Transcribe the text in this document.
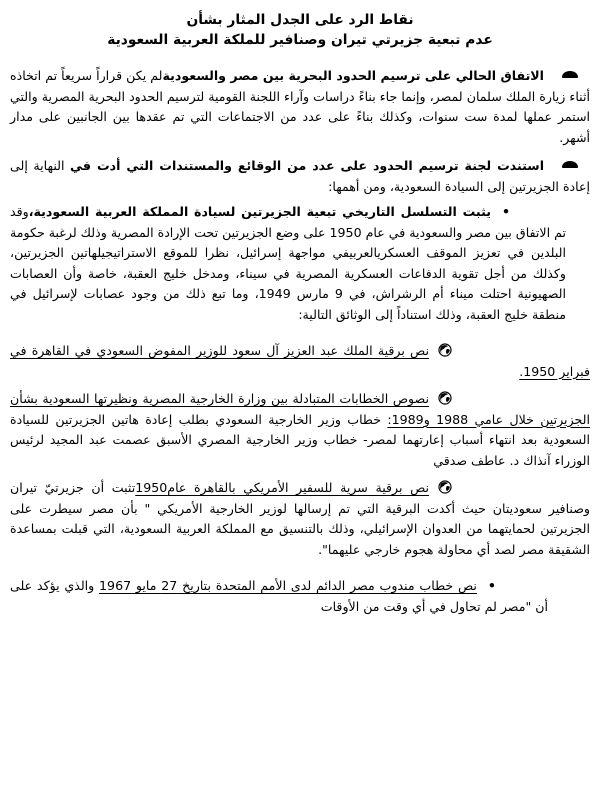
نقاط الرد على الجدل المثار بشأن
عدم تبعية جزيرتي تيران وصنافير للملكة العربية السعودية

الاتفاق الحالي على ترسيم الحدود البحرية بين مصر والسعوديةلم يكن قراراً سريعاً تم اتخاذه أثناء زيارة الملك سلمان لمصر، وإنما جاء بناءً دراسات وآراء اللجنة القومية لترسيم الحدود البحرية المصرية والتي استمر عملها لمدة ست سنوات، وكذلك بناءً على عدد من الاجتماعات التي تم عقدها بين الجانبين على مدار أشهر.

استندت لجنة ترسيم الحدود على عدد من الوقائع والمستندات التي أدت في النهاية إلى إعادة الجزيرتين إلى السيادة السعودية، ومن أهمها:

•يثبت التسلسل التاريخي تبعية الجزيرتين لسيادة المملكة العربية السعودية،وقد تم الاتفاق بين مصر والسعودية في عام 1950 على وضع الجزيرتين تحت الإرادة المصرية وذلك لرغبة حكومة البلدين في تعزيز الموقف العسكريالعربيفي مواجهة إسرائيل، نظرا للموقع الاستراتيجيلهاتين الجزيرتين، وكذلك من أجل تقوية الدفاعات العسكرية المصرية في سيناء، ومدخل خليج العقبة، خاصة وأن العصابات الصهيونية احتلت ميناء أم الرشراش، في 9 مارس 1949، وما تبع ذلك من وجود عصابات لإسرائيل في منطقة خليج العقبة، وذلك استناداً إلى الوثائق التالية:

نص برقية الملك عبد العزيز آل سعود للوزير المفوض السعودي في القاهرة في فبراير 1950.

نصوص الخطابات المتبادلة بين وزارة الخارجية المصرية ونظيرتها السعودية بشأن الجزيرتين خلال عامي 1988 و1989: خطاب وزير الخارجية السعودي بطلب إعادة هاتين الجزيرتين للسيادة السعودية بعد انتهاء أسباب إعارتهما لمصر- خطاب وزير الخارجية المصري الأسبق عصمت عبد المجيد لرئيس الوزراء آنذاك د. عاطف صدقي

نص برقية سرية للسفير الأمريكي بالقاهرة عام1950تثبت أن جزيرتيّ تيران وصنافير سعوديتان حيث أكدت البرقية التي تم إرسالها لوزير الخارجية الأمريكي " بأن مصر سيطرت على الجزيرتين لحمايتهما من العدوان الإسرائيلي، وذلك بالتنسيق مع المملكة العربية السعودية، التي قبلت بمساعدة الشقيقة مصر لصد أي محاولة هجوم خارجي عليهما".

•نص خطاب مندوب مصر الدائم لدى الأمم المتحدة بتاريخ 27 مايو 1967 والذي يؤكد على أن "مصر لم تحاول في أي وقت من الأوقات
